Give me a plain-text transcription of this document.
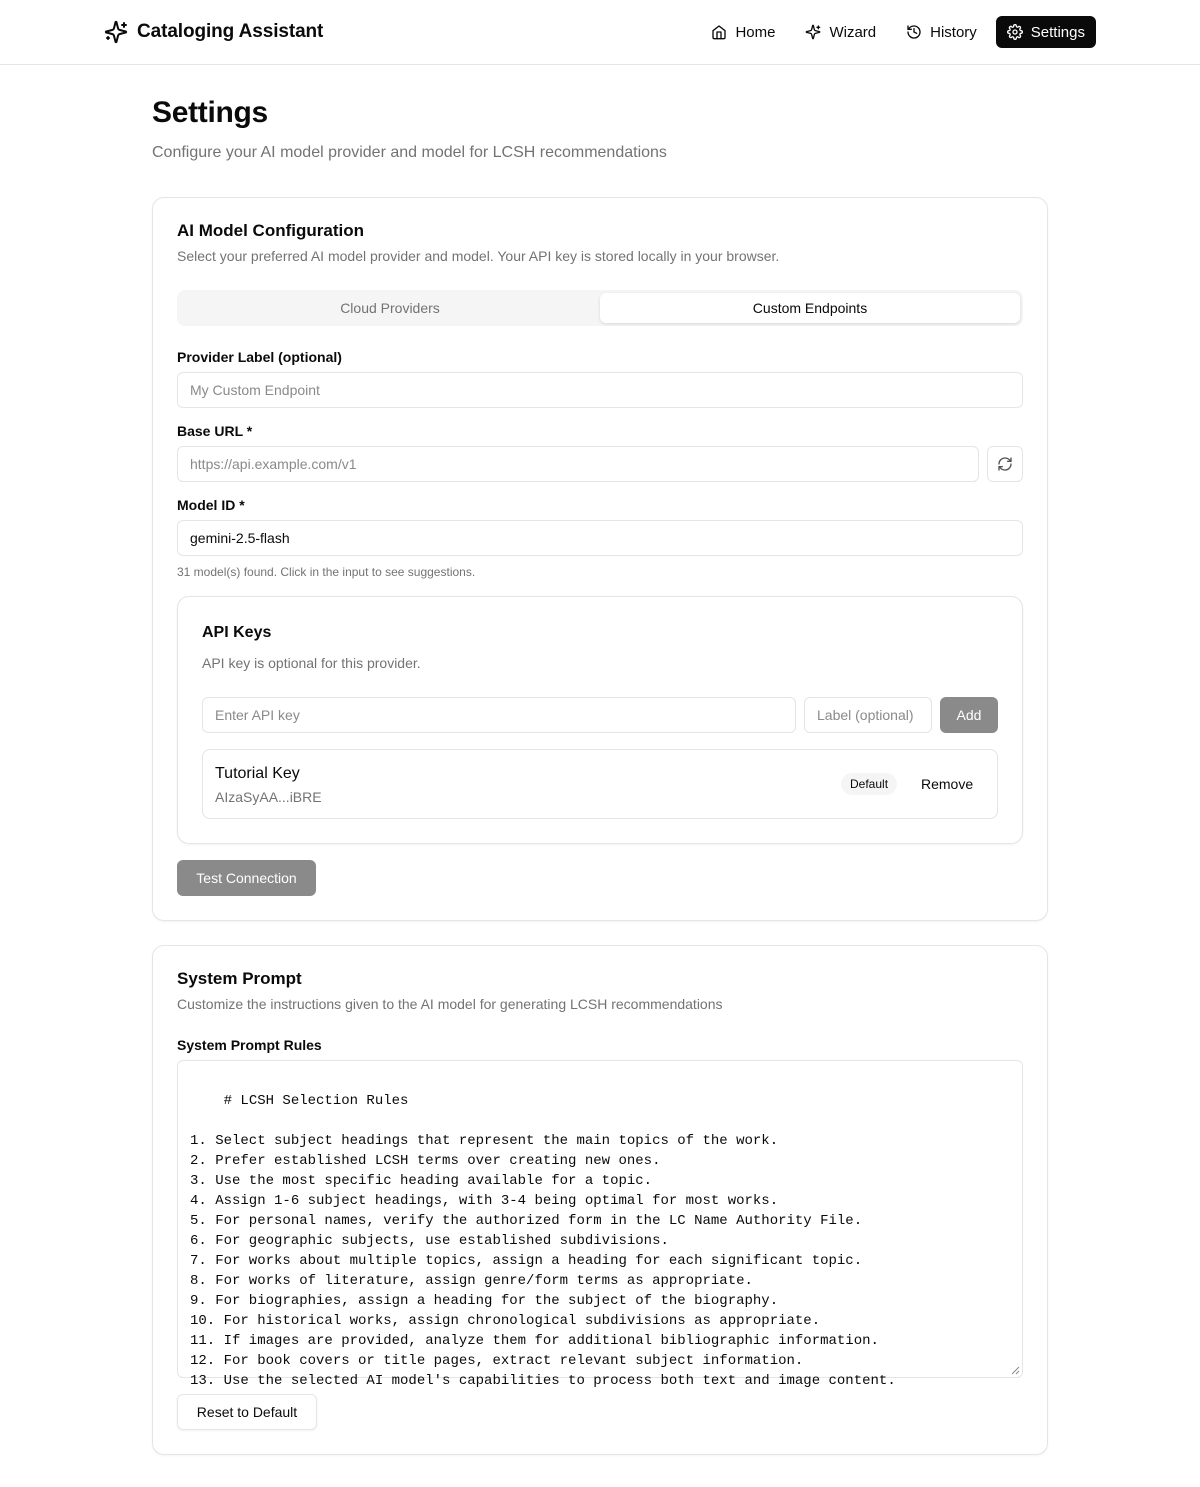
Cataloging Assistant	Home	Wizard	History	Settings
Settings

Configure your AI model provider and model for LCSH recommendations

AI Model Configuration
Select your preferred AI model provider and model. Your API key is stored locally in your browser.
Cloud Providers	Custom Endpoints
Provider Label (optional)
My Custom Endpoint
Base URL *
https://api.example.com/v1
Model ID *
gemini-2.5-flash
31 model(s) found. Click in the input to see suggestions.
API Keys
API key is optional for this provider.
Enter API key	Label (optional)	Add
Tutorial Key
AIzaSyAA...iBRE
Default	Remove
Test Connection
System Prompt
Customize the instructions given to the AI model for generating LCSH recommendations
System Prompt Rules

# LCSH Selection Rules

1. Select subject headings that represent the main topics of the work.
2. Prefer established LCSH terms over creating new ones.
3. Use the most specific heading available for a topic.
4. Assign 1-6 subject headings, with 3-4 being optimal for most works.
5. For personal names, verify the authorized form in the LC Name Authority File.
6. For geographic subjects, use established subdivisions.
7. For works about multiple topics, assign a heading for each significant topic.
8. For works of literature, assign genre/form terms as appropriate.
9. For biographies, assign a heading for the subject of the biography.
10. For historical works, assign chronological subdivisions as appropriate.
11. If images are provided, analyze them for additional bibliographic information.
12. For book covers or title pages, extract relevant subject information.
13. Use the selected AI model's capabilities to process both text and image content.

Reset to Default
